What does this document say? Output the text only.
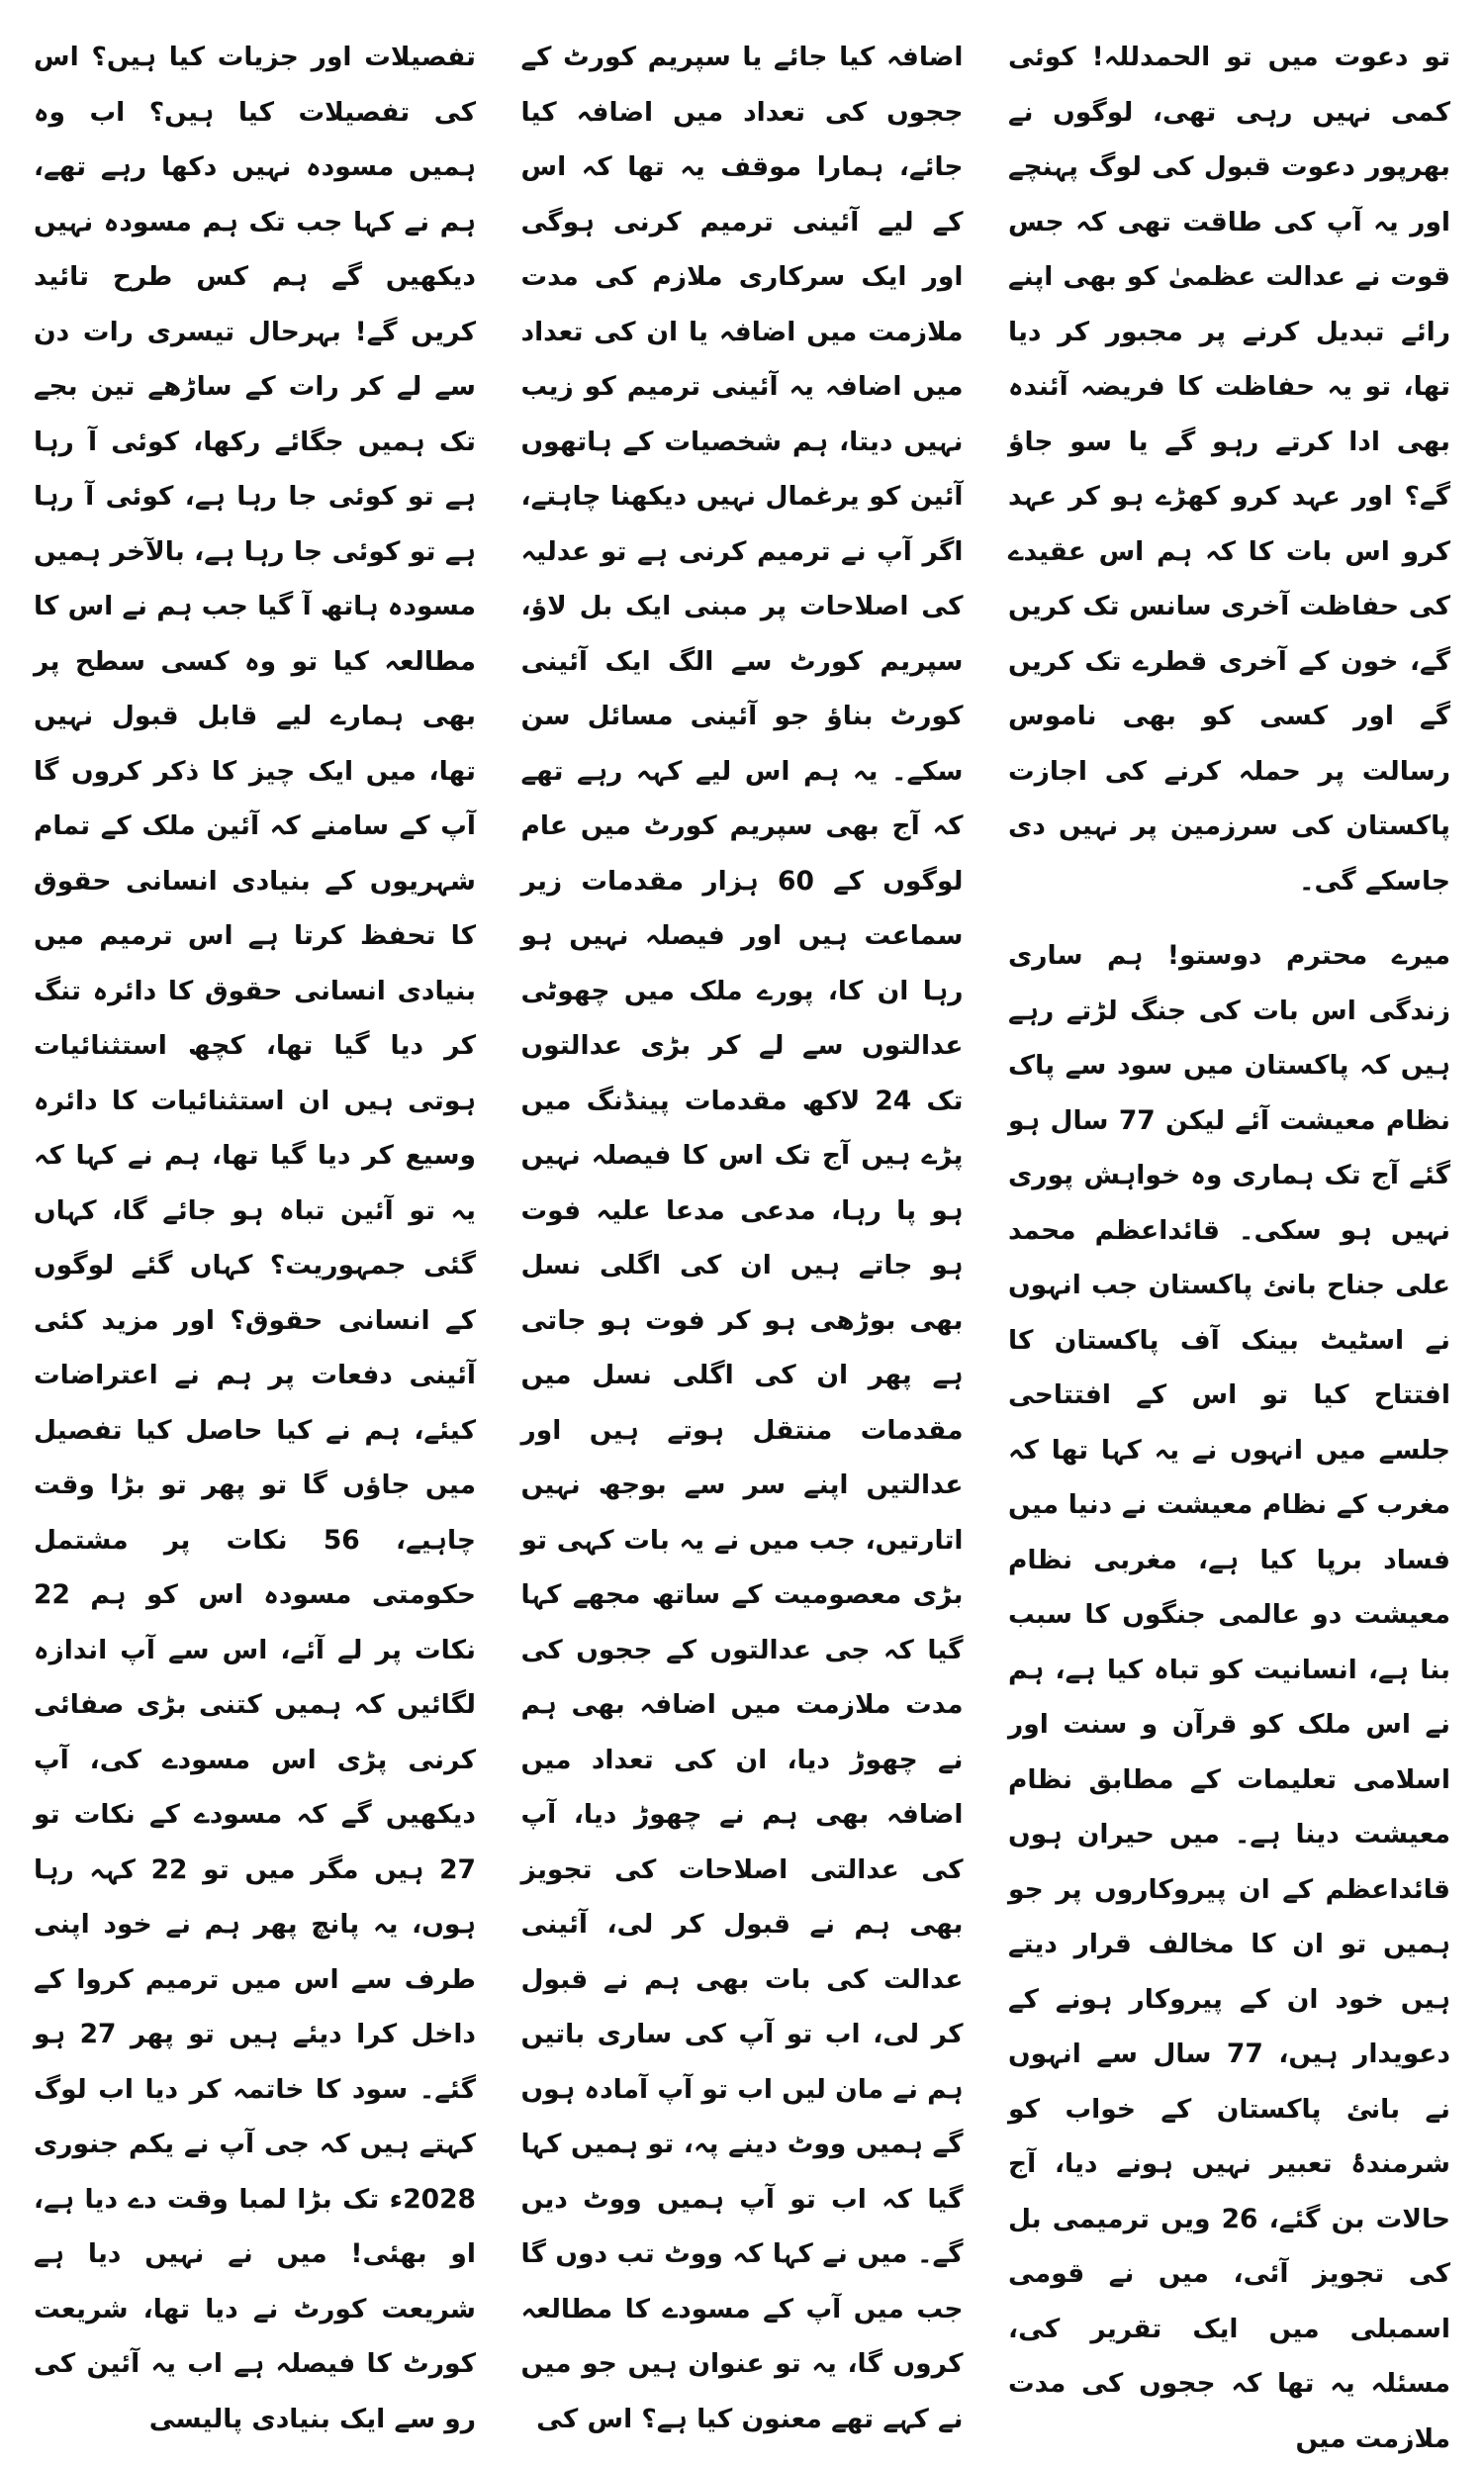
تو دعوت میں تو الحمدللہ! کوئی کمی نہیں رہی تھی، لوگوں نے بھرپور دعوت قبول کی لوگ پہنچے اور یہ آپ کی طاقت تھی کہ جس قوت نے عدالت عظمیٰ کو بھی اپنے رائے تبدیل کرنے پر مجبور کر دیا تھا، تو یہ حفاظت کا فریضہ آئندہ بھی ادا کرتے رہو گے یا سو جاؤ گے؟ اور عہد کرو کھڑے ہو کر عہد کرو اس بات کا کہ ہم اس عقیدے کی حفاظت آخری سانس تک کریں گے، خون کے آخری قطرے تک کریں گے اور کسی کو بھی ناموس رسالت پر حملہ کرنے کی اجازت پاکستان کی سرزمین پر نہیں دی جاسکے گی۔

میرے محترم دوستو! ہم ساری زندگی اس بات کی جنگ لڑتے رہے ہیں کہ پاکستان میں سود سے پاک نظام معیشت آئے لیکن 77 سال ہو گئے آج تک ہماری وہ خواہش پوری نہیں ہو سکی۔ قائداعظم محمد علی جناح بانئ پاکستان جب انہوں نے اسٹیٹ بینک آف پاکستان کا افتتاح کیا تو اس کے افتتاحی جلسے میں انہوں نے یہ کہا تھا کہ مغرب کے نظام معیشت نے دنیا میں فساد برپا کیا ہے، مغربی نظام معیشت دو عالمی جنگوں کا سبب بنا ہے، انسانیت کو تباہ کیا ہے، ہم نے اس ملک کو قرآن و سنت اور اسلامی تعلیمات کے مطابق نظام معیشت دینا ہے۔ میں حیران ہوں قائداعظم کے ان پیروکاروں پر جو ہمیں تو ان کا مخالف قرار دیتے ہیں خود ان کے پیروکار ہونے کے دعویدار ہیں، 77 سال سے انہوں نے بانئ پاکستان کے خواب کو شرمندۂ تعبیر نہیں ہونے دیا، آج حالات بن گئے، 26 ویں ترمیمی بل کی تجویز آئی، میں نے قومی اسمبلی میں ایک تقریر کی، مسئلہ یہ تھا کہ ججوں کی مدت ملازمت میں

اضافہ کیا جائے یا سپریم کورٹ کے ججوں کی تعداد میں اضافہ کیا جائے، ہمارا موقف یہ تھا کہ اس کے لیے آئینی ترمیم کرنی ہوگی اور ایک سرکاری ملازم کی مدت ملازمت میں اضافہ یا ان کی تعداد میں اضافہ یہ آئینی ترمیم کو زیب نہیں دیتا، ہم شخصیات کے ہاتھوں آئین کو یرغمال نہیں دیکھنا چاہتے، اگر آپ نے ترمیم کرنی ہے تو عدلیہ کی اصلاحات پر مبنی ایک بل لاؤ، سپریم کورٹ سے الگ ایک آئینی کورٹ بناؤ جو آئینی مسائل سن سکے۔ یہ ہم اس لیے کہہ رہے تھے کہ آج بھی سپریم کورٹ میں عام لوگوں کے 60 ہزار مقدمات زیر سماعت ہیں اور فیصلہ نہیں ہو رہا ان کا، پورے ملک میں چھوٹی عدالتوں سے لے کر بڑی عدالتوں تک 24 لاکھ مقدمات پینڈنگ میں پڑے ہیں آج تک اس کا فیصلہ نہیں ہو پا رہا، مدعی مدعا علیہ فوت ہو جاتے ہیں ان کی اگلی نسل بھی بوڑھی ہو کر فوت ہو جاتی ہے پھر ان کی اگلی نسل میں مقدمات منتقل ہوتے ہیں اور عدالتیں اپنے سر سے بوجھ نہیں اتارتیں، جب میں نے یہ بات کہی تو بڑی معصومیت کے ساتھ مجھے کہا گیا کہ جی عدالتوں کے ججوں کی مدت ملازمت میں اضافہ بھی ہم نے چھوڑ دیا، ان کی تعداد میں اضافہ بھی ہم نے چھوڑ دیا، آپ کی عدالتی اصلاحات کی تجویز بھی ہم نے قبول کر لی، آئینی عدالت کی بات بھی ہم نے قبول کر لی، اب تو آپ کی ساری باتیں ہم نے مان لیں اب تو آپ آمادہ ہوں گے ہمیں ووٹ دینے پہ، تو ہمیں کہا گیا کہ اب تو آپ ہمیں ووٹ دیں گے۔ میں نے کہا کہ ووٹ تب دوں گا جب میں آپ کے مسودے کا مطالعہ کروں گا، یہ تو عنوان ہیں جو میں نے کہے تھے معنون کیا ہے؟ اس کی

تفصیلات اور جزیات کیا ہیں؟ اس کی تفصیلات کیا ہیں؟ اب وہ ہمیں مسودہ نہیں دکھا رہے تھے، ہم نے کہا جب تک ہم مسودہ نہیں دیکھیں گے ہم کس طرح تائید کریں گے! بہرحال تیسری رات دن سے لے کر رات کے ساڑھے تین بجے تک ہمیں جگائے رکھا، کوئی آ رہا ہے تو کوئی جا رہا ہے، کوئی آ رہا ہے تو کوئی جا رہا ہے، بالآخر ہمیں مسودہ ہاتھ آ گیا جب ہم نے اس کا مطالعہ کیا تو وہ کسی سطح پر بھی ہمارے لیے قابل قبول نہیں تھا، میں ایک چیز کا ذکر کروں گا آپ کے سامنے کہ آئین ملک کے تمام شہریوں کے بنیادی انسانی حقوق کا تحفظ کرتا ہے اس ترمیم میں بنیادی انسانی حقوق کا دائرہ تنگ کر دیا گیا تھا، کچھ استثنائیات ہوتی ہیں ان استثنائیات کا دائرہ وسیع کر دیا گیا تھا، ہم نے کہا کہ یہ تو آئین تباہ ہو جائے گا، کہاں گئی جمہوریت؟ کہاں گئے لوگوں کے انسانی حقوق؟ اور مزید کئی آئینی دفعات پر ہم نے اعتراضات کیئے، ہم نے کیا حاصل کیا تفصیل میں جاؤں گا تو پھر تو بڑا وقت چاہیے، 56 نکات پر مشتمل حکومتی مسودہ اس کو ہم 22 نکات پر لے آئے، اس سے آپ اندازہ لگائیں کہ ہمیں کتنی بڑی صفائی کرنی پڑی اس مسودے کی، آپ دیکھیں گے کہ مسودے کے نکات تو 27 ہیں مگر میں تو 22 کہہ رہا ہوں، یہ پانچ پھر ہم نے خود اپنی طرف سے اس میں ترمیم کروا کے داخل کرا دیئے ہیں تو پھر 27 ہو گئے۔ سود کا خاتمہ کر دیا اب لوگ کہتے ہیں کہ جی آپ نے یکم جنوری 2028ء تک بڑا لمبا وقت دے دیا ہے، او بھئی! میں نے نہیں دیا ہے شریعت کورٹ نے دیا تھا، شریعت کورٹ کا فیصلہ ہے اب یہ آئین کی رو سے ایک بنیادی پالیسی
